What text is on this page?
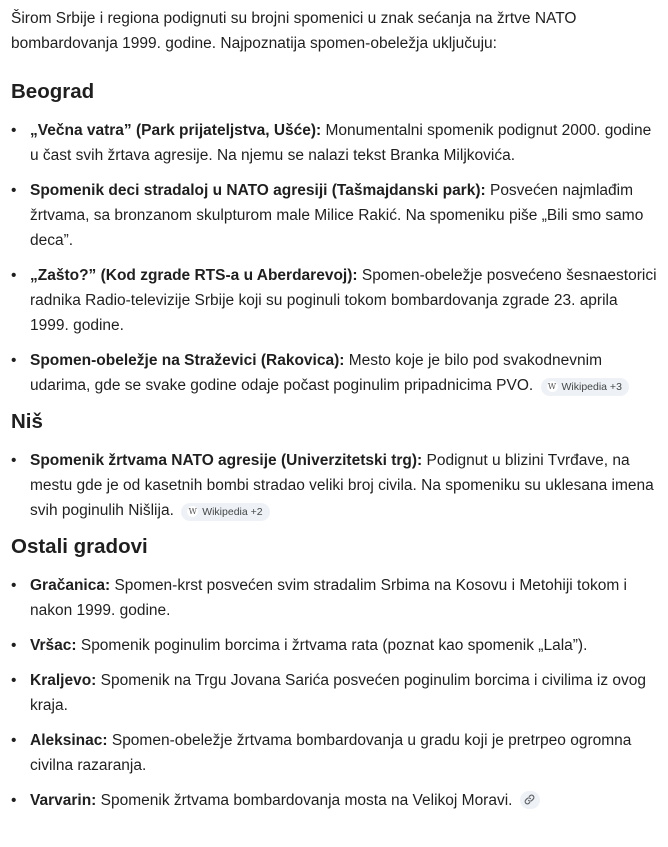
Širom Srbije i regiona podignuti su brojni spomenici u znak sećanja na žrtve NATO bombardovanja 1999. godine. Najpoznatija spomen-obeležja uključuju:

Beograd
• „Večna vatra” (Park prijateljstva, Ušće): Monumentalni spomenik podignut 2000. godine u čast svih žrtava agresije. Na njemu se nalazi tekst Branka Miljkovića.
• Spomenik deci stradaloj u NATO agresiji (Tašmajdanski park): Posvećen najmlađim žrtvama, sa bronzanom skulpturom male Milice Rakić. Na spomeniku piše „Bili smo samo deca”.
• „Zašto?” (Kod zgrade RTS-a u Aberdarevoj): Spomen-obeležje posvećeno šesnaestorici radnika Radio-televizije Srbije koji su poginuli tokom bombardovanja zgrade 23. aprila 1999. godine.
• Spomen-obeležje na Straževici (Rakovica): Mesto koje je bilo pod svakodnevnim udarima, gde se svake godine odaje počast poginulim pripadnicima PVO. W Wikipedia +3
Niš
• Spomenik žrtvama NATO agresije (Univerzitetski trg): Podignut u blizini Tvrđave, na mestu gde je od kasetnih bombi stradao veliki broj civila. Na spomeniku su uklesana imena svih poginulih Nišlija. W Wikipedia +2
Ostali gradovi
• Gračanica: Spomen-krst posvećen svim stradalim Srbima na Kosovu i Metohiji tokom i nakon 1999. godine.
• Vršac: Spomenik poginulim borcima i žrtvama rata (poznat kao spomenik „Lala”).
• Kraljevo: Spomenik na Trgu Jovana Sarića posvećen poginulim borcima i civilima iz ovog kraja.
• Aleksinac: Spomen-obeležje žrtvama bombardovanja u gradu koji je pretrpeo ogromna civilna razaranja.
• Varvarin: Spomenik žrtvama bombardovanja mosta na Velikoj Moravi.
